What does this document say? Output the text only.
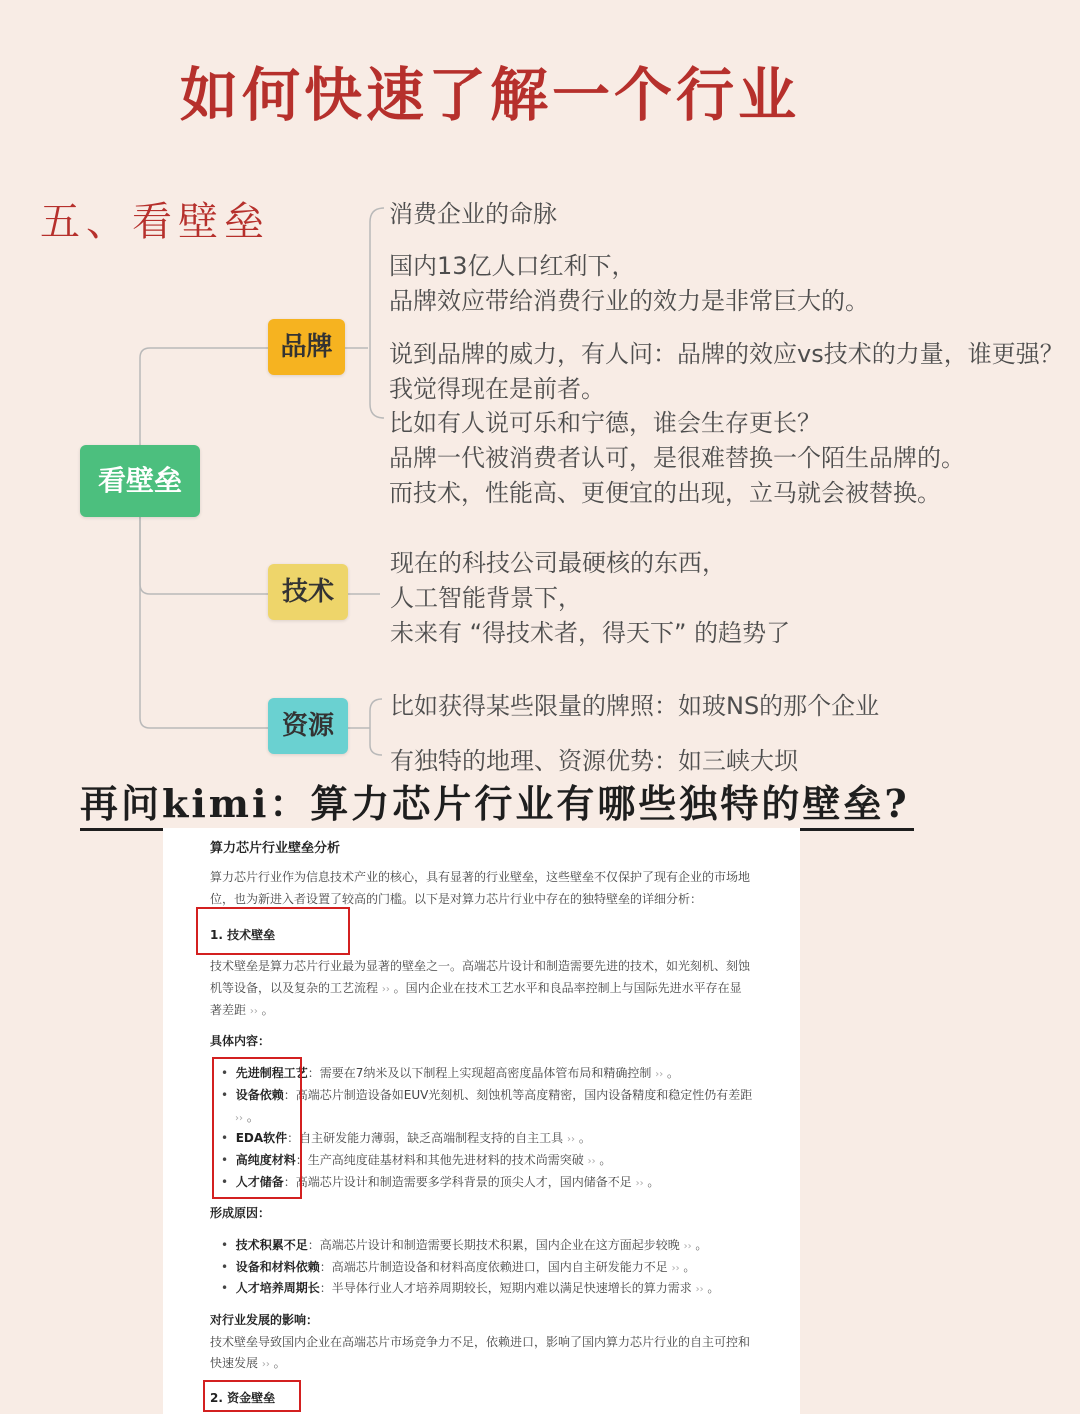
如何快速了解一个行业
五、看壁垒
看壁垒
品牌
技术
资源
消费企业的命脉
国内13亿人口红利下，
品牌效应带给消费行业的效力是非常巨大的。
说到品牌的威力，有人问：品牌的效应vs技术的力量，谁更强？
我觉得现在是前者。
比如有人说可乐和宁德，谁会生存更长？
品牌一代被消费者认可，是很难替换一个陌生品牌的。
而技术，性能高、更便宜的出现，立马就会被替换。
现在的科技公司最硬核的东西，
人工智能背景下，
未来有 “得技术者，得天下” 的趋势了
比如获得某些限量的牌照：如玻NS的那个企业
有独特的地理、资源优势：如三峡大坝
再问kimi：算力芯片行业有哪些独特的壁垒?
算力芯片行业壁垒分析
算力芯片行业作为信息技术产业的核心，具有显著的行业壁垒，这些壁垒不仅保护了现有企业的市场地
位，也为新进入者设置了较高的门槛。以下是对算力芯片行业中存在的独特壁垒的详细分析：
1. 技术壁垒
技术壁垒是算力芯片行业最为显著的壁垒之一。高端芯片设计和制造需要先进的技术，如光刻机、刻蚀
机等设备，以及复杂的工艺流程 ›› 。国内企业在技术工艺水平和良品率控制上与国际先进水平存在显
著差距 ›› 。
具体内容：
•  先进制程工艺：需要在7纳米及以下制程上实现超高密度晶体管布局和精确控制 ›› 。
•  设备依赖：高端芯片制造设备如EUV光刻机、刻蚀机等高度精密，国内设备精度和稳定性仍有差距
›› 。
•  EDA软件：自主研发能力薄弱，缺乏高端制程支持的自主工具 ›› 。
•  高纯度材料：生产高纯度硅基材料和其他先进材料的技术尚需突破 ›› 。
•  人才储备：高端芯片设计和制造需要多学科背景的顶尖人才，国内储备不足 ›› 。
形成原因：
•  技术积累不足：高端芯片设计和制造需要长期技术积累，国内企业在这方面起步较晚 ›› 。
•  设备和材料依赖：高端芯片制造设备和材料高度依赖进口，国内自主研发能力不足 ›› 。
•  人才培养周期长：半导体行业人才培养周期较长，短期内难以满足快速增长的算力需求 ›› 。
对行业发展的影响：
技术壁垒导致国内企业在高端芯片市场竞争力不足，依赖进口，影响了国内算力芯片行业的自主可控和
快速发展 ›› 。
2. 资金壁垒
